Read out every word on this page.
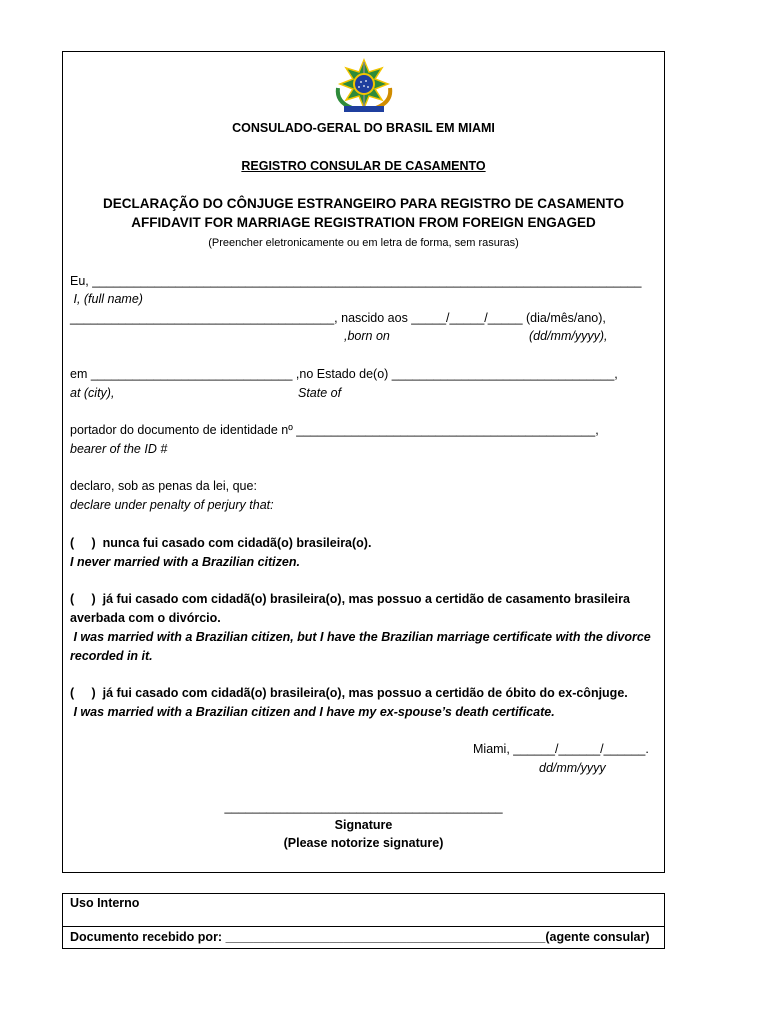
CONSULADO-GERAL DO BRASIL EM MIAMI
REGISTRO CONSULAR DE CASAMENTO
DECLARAÇÃO DO CÔNJUGE ESTRANGEIRO PARA REGISTRO DE CASAMENTO
AFFIDAVIT FOR MARRIAGE REGISTRATION FROM FOREIGN ENGAGED
(Preencher eletronicamente ou em letra de forma, sem rasuras)
Eu, _______________________________________________________________________________
I, (full name)
______________________________________, nascido aos _____/_____/_____ (dia/mês/ano),
,born on	(dd/mm/yyyy),
em _____________________________ ,no Estado de(o) ________________________________,
at (city),	State of
portador do documento de identidade nº ___________________________________________,
bearer of the ID #
declaro, sob as penas da lei, que:
declare under penalty of perjury that:
(     )  nunca fui casado com cidadã(o) brasileira(o).
I never married with a Brazilian citizen.
(     )  já fui casado com cidadã(o) brasileira(o), mas possuo a certidão de casamento brasileira
averbada com o divórcio.
I was married with a Brazilian citizen, but I have the Brazilian marriage certificate with the divorce
recorded in it.
(     )  já fui casado com cidadã(o) brasileira(o), mas possuo a certidão de óbito do ex-cônjuge.
I was married with a Brazilian citizen and I have my ex-spouse’s death certificate.
Miami, ______/______/______.
dd/mm/yyyy
________________________________________
Signature
(Please notorize signature)
Uso Interno
Documento recebido por: ______________________________________________(agente consular)
